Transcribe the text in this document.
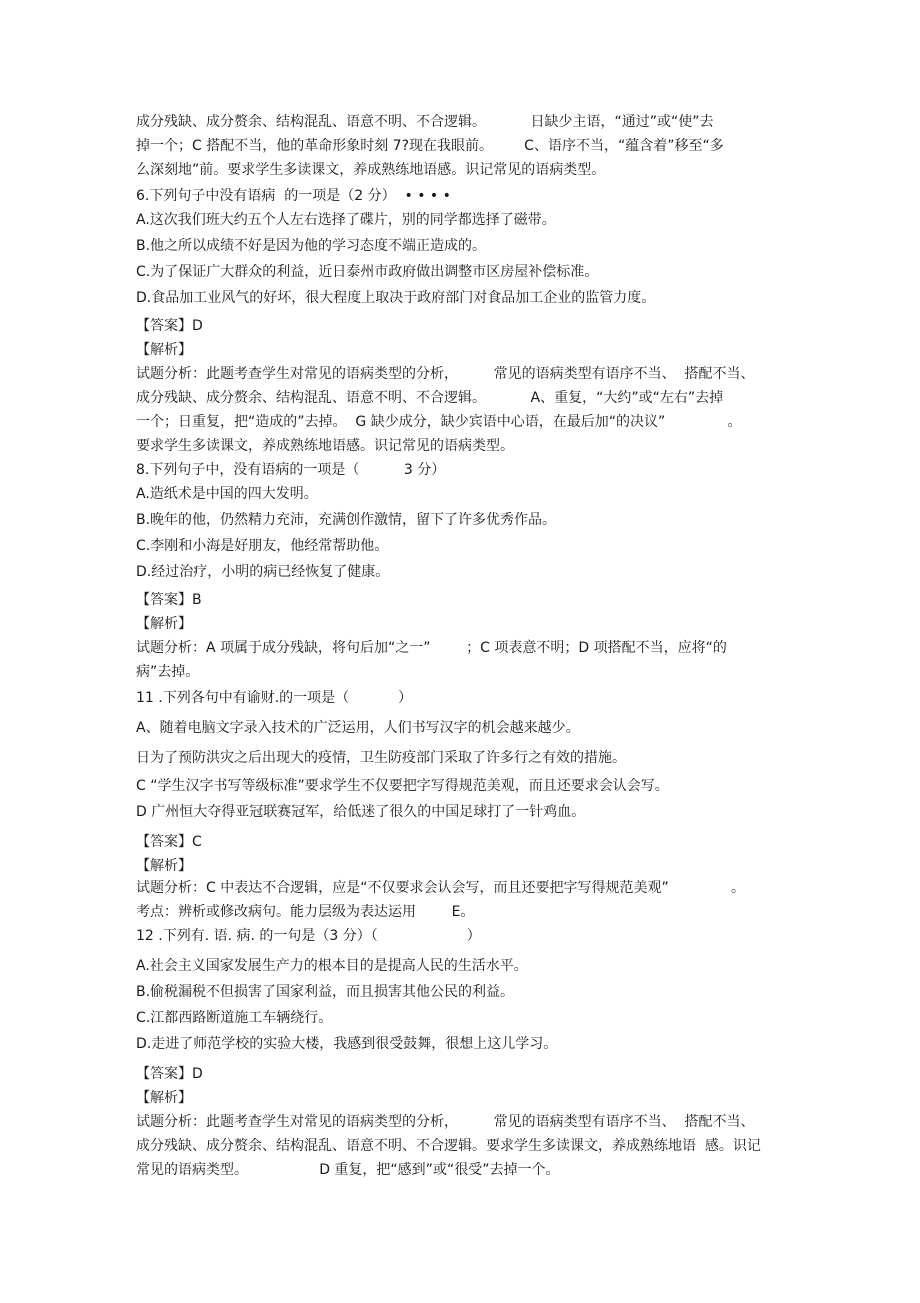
成分残缺、成分赘余、结构混乱、语意不明、不合逻辑。          日缺少主语，“通过”或“使”去
掉一个；C 搭配不当，他的革命形象时刻 7?现在我眼前。       C、语序不当，“蕴含着”移至“多
么深刻地”前。要求学生多读课文，养成熟练地语感。识记常见的语病类型。
6.下列句子中没有语病  的一项是（2 分）  • • • •
A.这次我们班大约五个人左右选择了碟片，别的同学都选择了磁带。
B.他之所以成绩不好是因为他的学习态度不端正造成的。
C.为了保证广大群众的利益，近日泰州市政府做出调整市区房屋补偿标准。
D.食品加工业风气的好坏，很大程度上取决于政府部门对食品加工企业的监管力度。
【答案】D
【解析】
试题分析：此题考查学生对常见的语病类型的分析，        常见的语病类型有语序不当、  搭配不当、
成分残缺、成分赘余、结构混乱、语意不明、不合逻辑。          A、重复，“大约”或“左右”去掉
一个；日重复，把“造成的”去掉。  G 缺少成分，缺少宾语中心语，在最后加“的决议”              。
要求学生多读课文，养成熟练地语感。识记常见的语病类型。
8.下列句子中，没有语病的一项是（          3 分）
A.造纸术是中国的四大发明。
B.晚年的他，仍然精力充沛，充满创作激情，留下了许多优秀作品。
C.李刚和小海是好朋友，他经常帮助他。
D.经过治疗，小明的病已经恢复了健康。
【答案】B
【解析】
试题分析：A 项属于成分残缺，将句后加“之一”        ；C 项表意不明；D 项搭配不当，应将“的
病”去掉。
11 .下列各句中有谕财.的一项是（           ）
A、随着电脑文字录入技术的广泛运用，人们书写汉字的机会越来越少。
日为了预防洪灾之后出现大的疫情，卫生防疫部门采取了许多行之有效的措施。
C “学生汉字书写等级标准”要求学生不仅要把字写得规范美观，而且还要求会认会写。
D 广州恒大夺得亚冠联赛冠军，给低迷了很久的中国足球打了一针鸡血。
【答案】C
【解析】
试题分析：C 中表达不合逻辑，应是“不仅要求会认会写，而且还要把字写得规范美观”              。
考点：辨析或修改病句。能力层级为表达运用        E。
12 .下列有. 语. 病. 的一句是（3 分）（                    ）
A.社会主义国家发展生产力的根本目的是提高人民的生活水平。
B.偷税漏税不但损害了国家利益，而且损害其他公民的利益。
C.江都西路断道施工车辆绕行。
D.走进了师范学校的实验大楼，我感到很受鼓舞，很想上这儿学习。
【答案】D
【解析】
试题分析：此题考查学生对常见的语病类型的分析，        常见的语病类型有语序不当、  搭配不当、
成分残缺、成分赘余、结构混乱、语意不明、不合逻辑。要求学生多读课文，养成熟练地语  感。识记
常见的语病类型。                D 重复，把“感到”或“很受”去掉一个。
